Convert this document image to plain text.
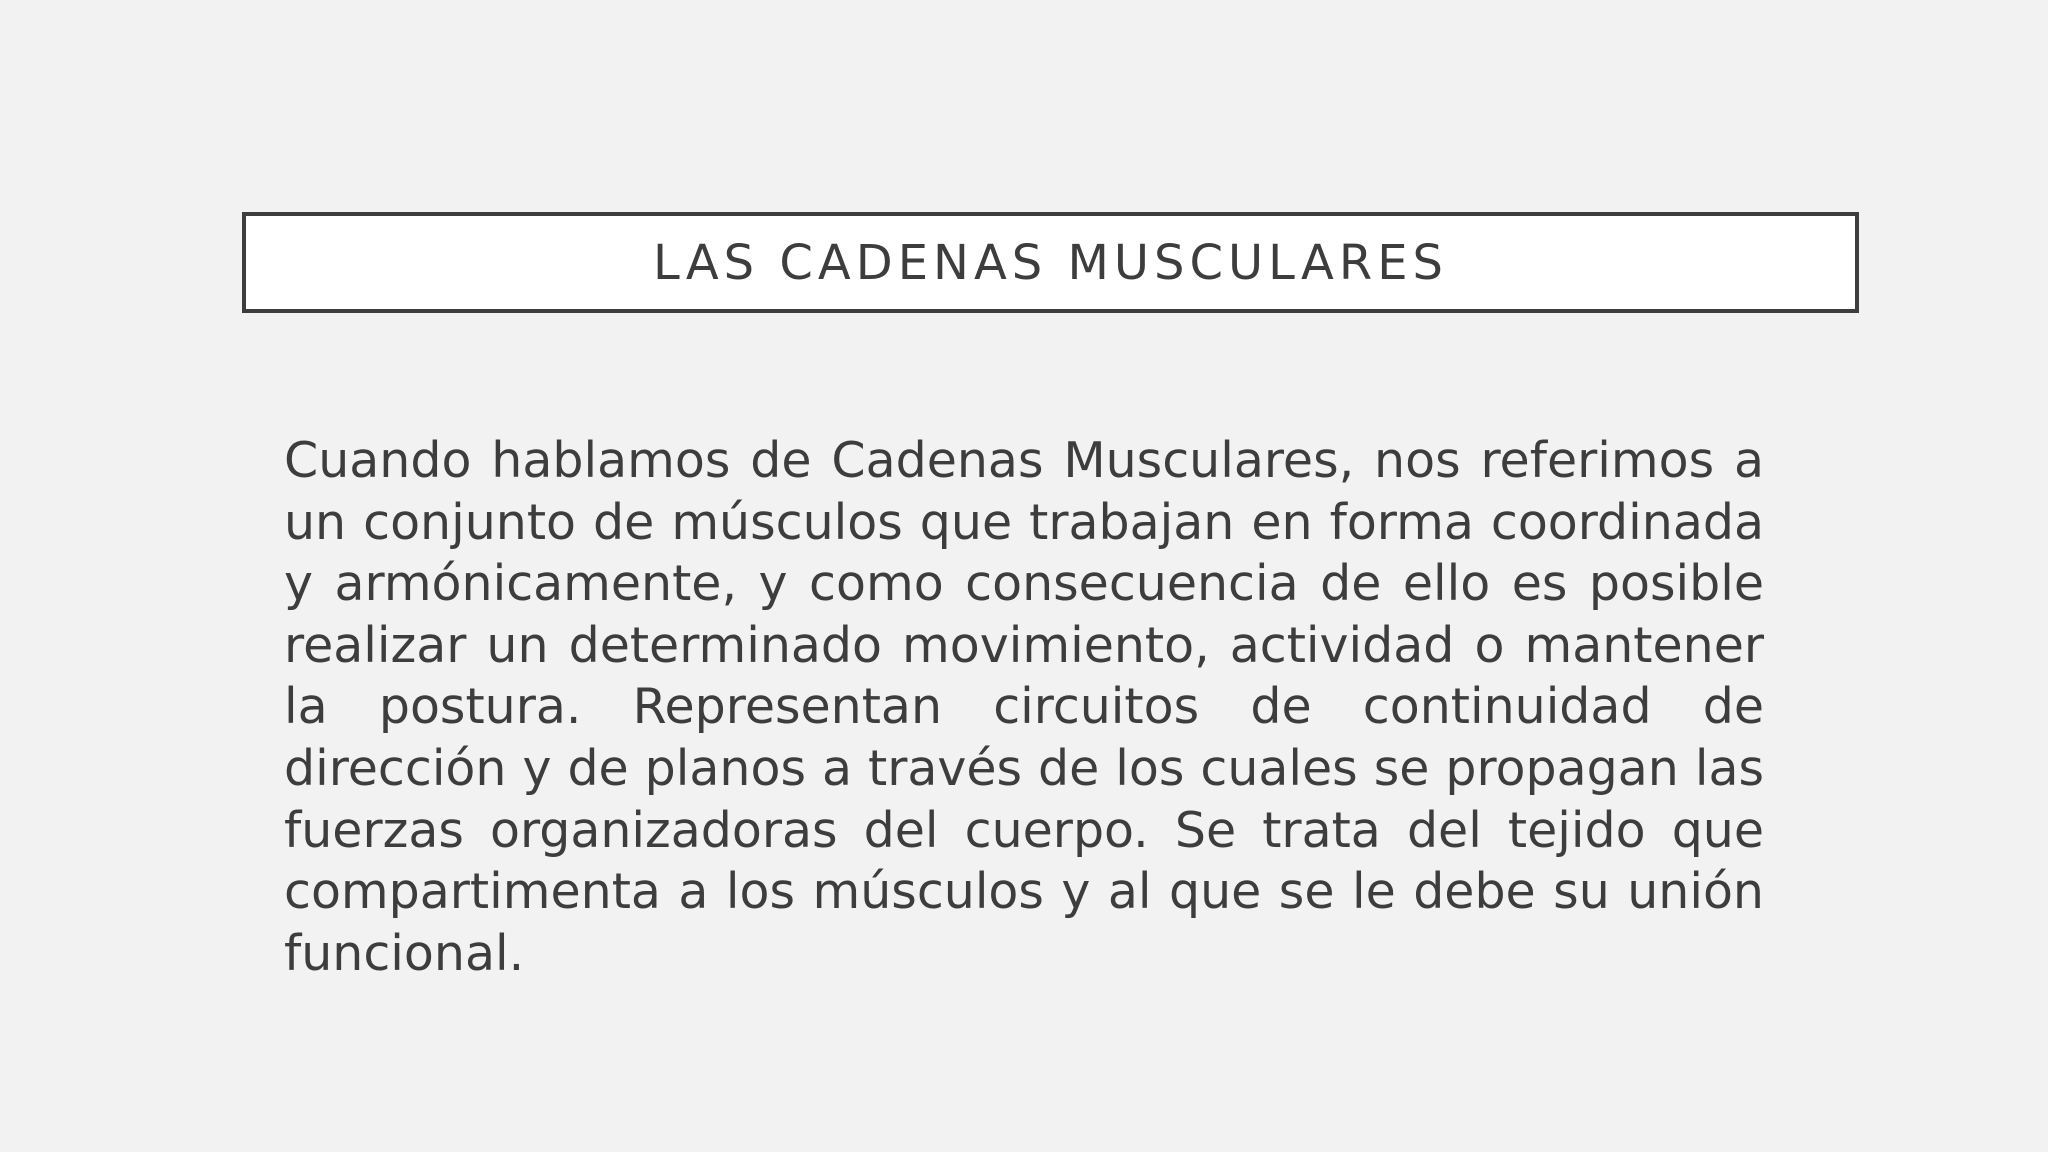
LAS CADENAS MUSCULARES

Cuando hablamos de Cadenas Musculares, nos referimos a un conjunto de músculos que trabajan en forma coordinada y armónicamente, y como consecuencia de ello es posible realizar un determinado movimiento, actividad o mantener la postura. Representan circuitos de continuidad de dirección y de planos a través de los cuales se propagan las fuerzas organizadoras del cuerpo. Se trata del tejido que compartimenta a los músculos y al que se le debe su unión funcional.
